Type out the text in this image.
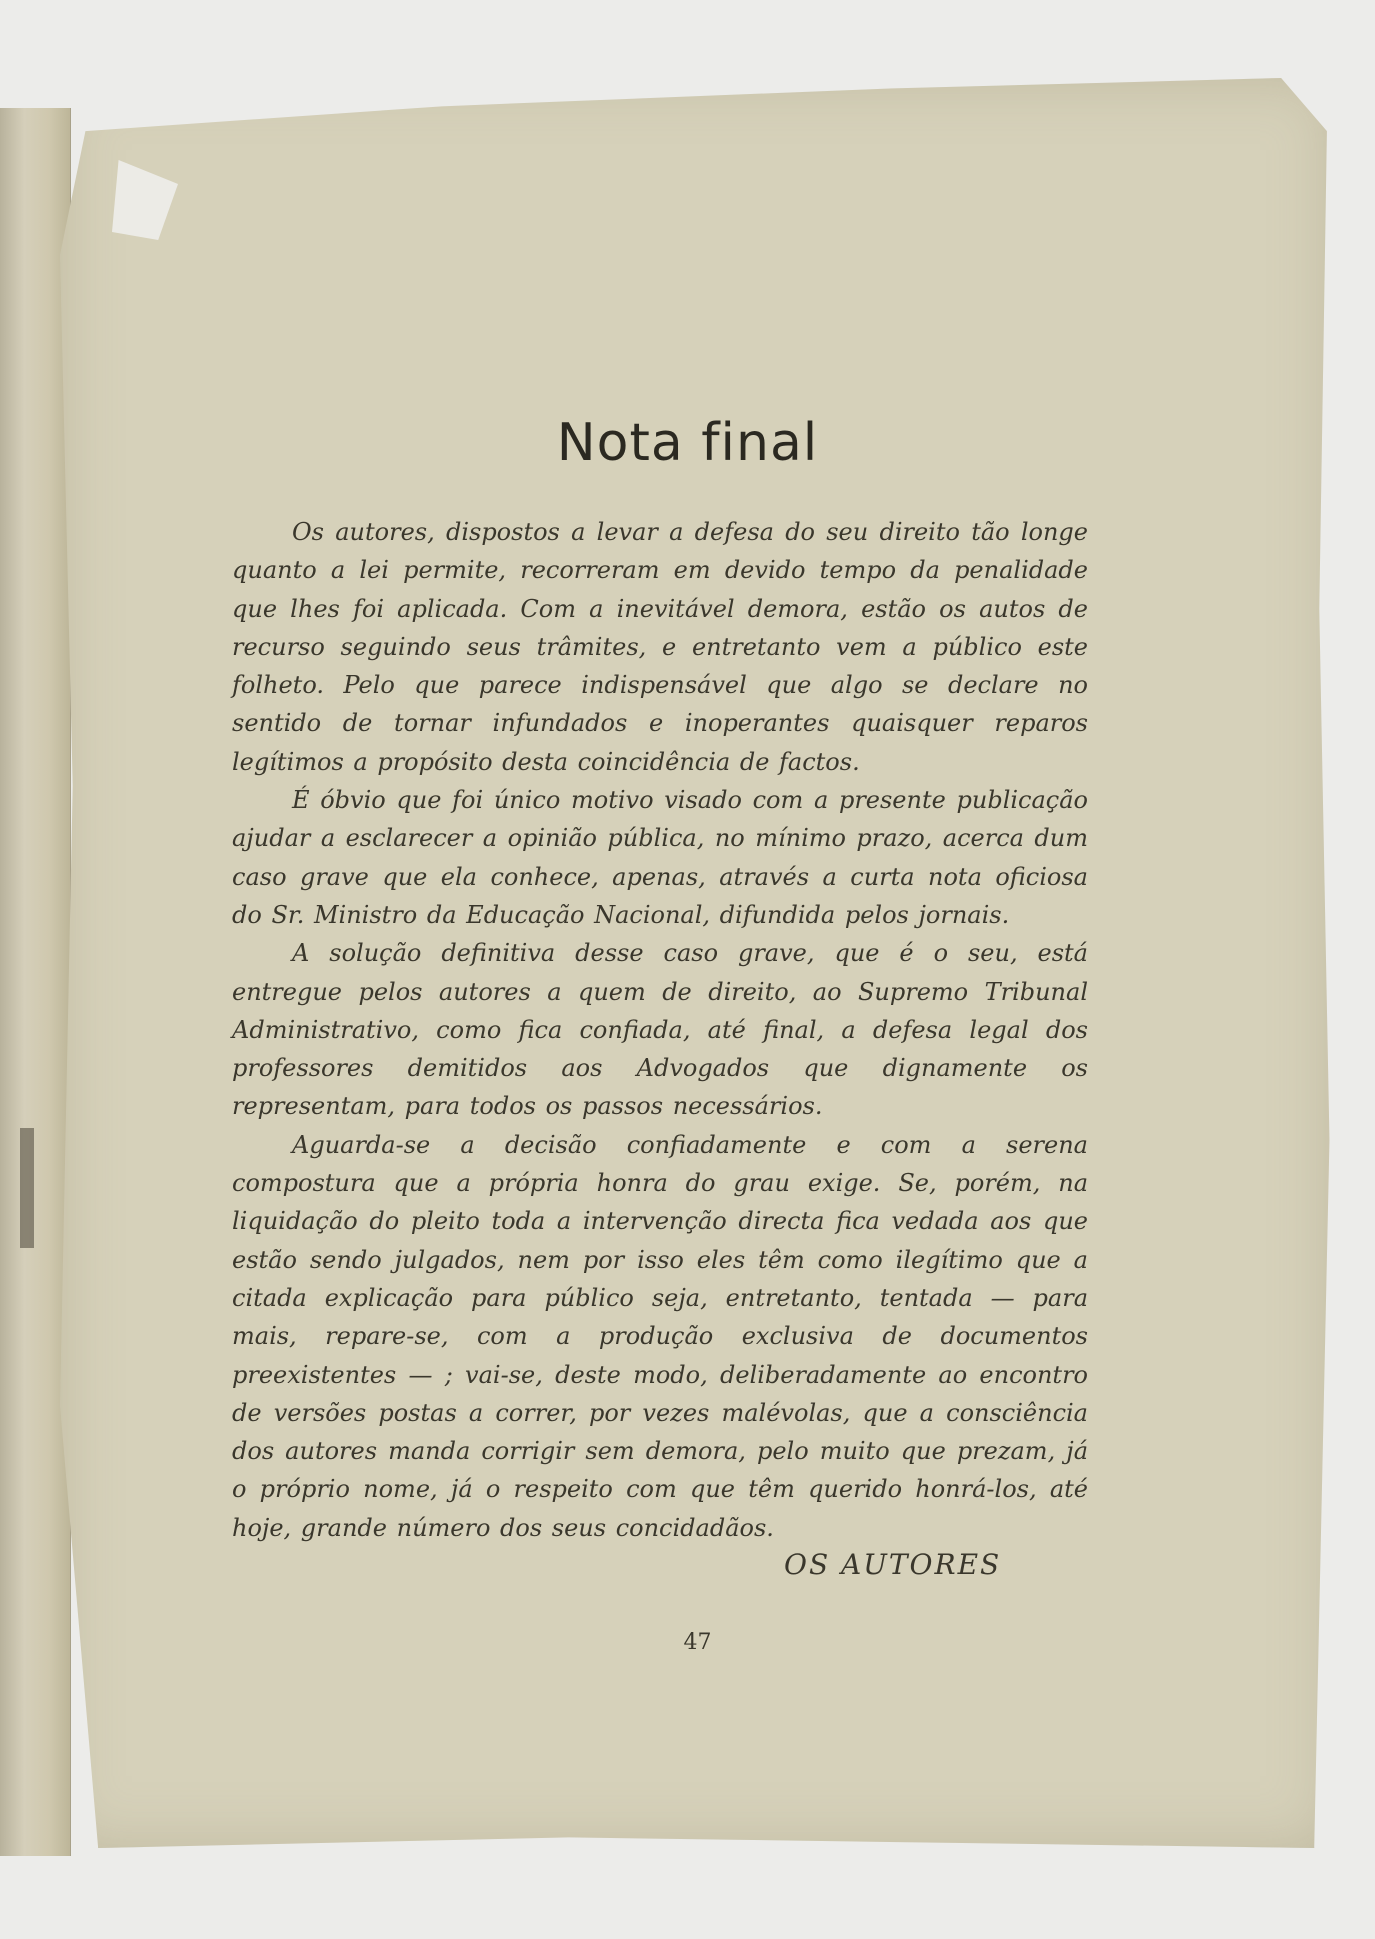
Nota final

Os autores, dispostos a levar a defesa do seu direito tão longe quanto a lei permite, recorreram em devido tempo da penalidade que lhes foi aplicada. Com a inevitável demora, estão os autos de recurso seguindo seus trâmites, e entretanto vem a público este folheto. Pelo que parece indispensável que algo se declare no sentido de tornar infundados e inoperantes quaisquer reparos legítimos a propósito desta coincidência de factos.

É óbvio que foi único motivo visado com a presente publicação ajudar a esclarecer a opinião pública, no mínimo prazo, acerca dum caso grave que ela conhece, apenas, através a curta nota oficiosa do Sr. Ministro da Educação Nacional, difundida pelos jornais.

A solução definitiva desse caso grave, que é o seu, está entregue pelos autores a quem de direito, ao Supremo Tribunal Administrativo, como fica confiada, até final, a defesa legal dos professores demitidos aos Advogados que dignamente os representam, para todos os passos necessários.

Aguarda-se a decisão confiadamente e com a serena compostura que a própria honra do grau exige. Se, porém, na liquidação do pleito toda a intervenção directa fica vedada aos que estão sendo julgados, nem por isso eles têm como ilegítimo que a citada explicação para público seja, entretanto, tentada — para mais, repare-se, com a produção exclusiva de documentos preexistentes — ; vai-se, deste modo, deliberadamente ao encontro de versões postas a correr, por vezes malévolas, que a consciência dos autores manda corrigir sem demora, pelo muito que prezam, já o próprio nome, já o respeito com que têm querido honrá-los, até hoje, grande número dos seus concidadãos.

OS AUTORES
47
